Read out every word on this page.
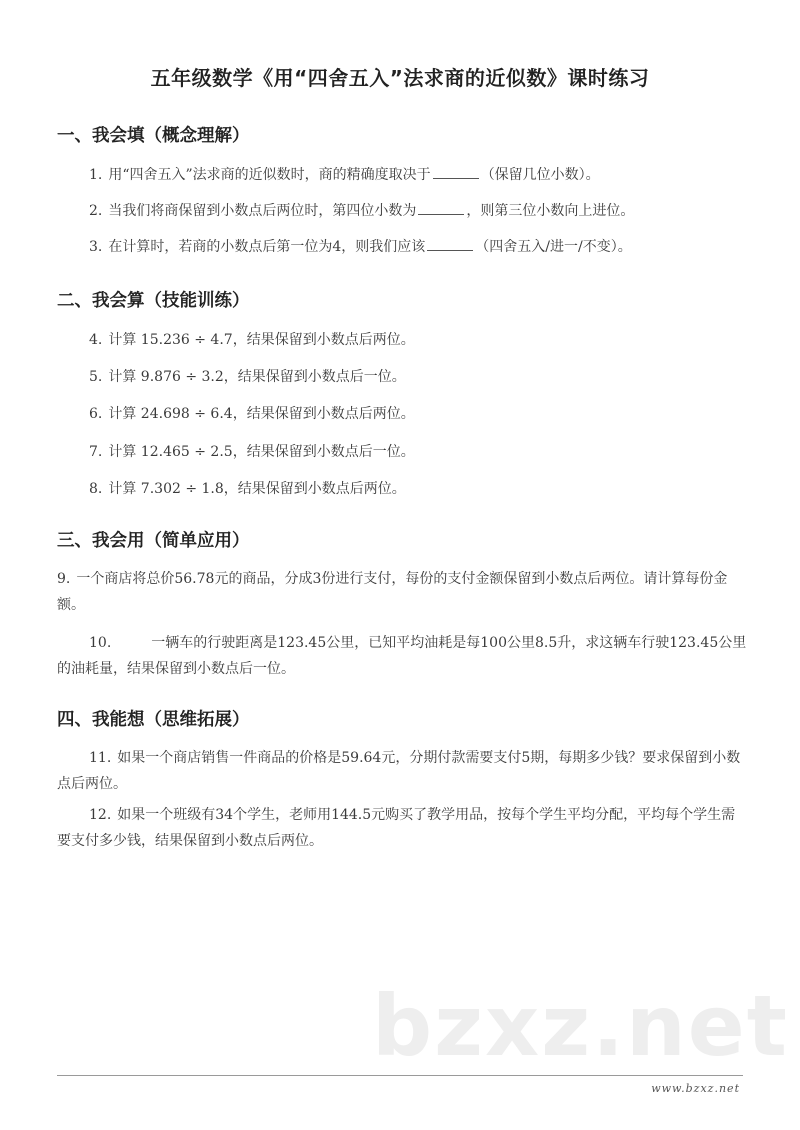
五年级数学《用“四舍五入”法求商的近似数》课时练习
一、我会填（概念理解）
1. 用“四舍五入”法求商的近似数时，商的精确度取决于	（保留几位小数）。
2. 当我们将商保留到小数点后两位时，第四位小数为	，则第三位小数向上进位。
3. 在计算时，若商的小数点后第一位为4，则我们应该	（四舍五入/进一/不变）。
二、我会算（技能训练）
4. 计算 15.236 ÷ 4.7，结果保留到小数点后两位。
5. 计算 9.876 ÷ 3.2，结果保留到小数点后一位。
6. 计算 24.698 ÷ 6.4，结果保留到小数点后两位。
7. 计算 12.465 ÷ 2.5，结果保留到小数点后一位。
8. 计算 7.302 ÷ 1.8，结果保留到小数点后两位。
三、我会用（简单应用）
9. 一个商店将总价56.78元的商品，分成3份进行支付，每份的支付金额保留到小数点后两位。请计算每份金额。
10.	一辆车的行驶距离是123.45公里，已知平均油耗是每100公里8.5升，求这辆车行驶123.45公里的油耗量，结果保留到小数点后一位。
四、我能想（思维拓展）
11. 如果一个商店销售一件商品的价格是59.64元，分期付款需要支付5期，每期多少钱？要求保留到小数点后两位。
12. 如果一个班级有34个学生，老师用144.5元购买了教学用品，按每个学生平均分配，平均每个学生需要支付多少钱，结果保留到小数点后两位。
bzxz.net
www.bzxz.net
